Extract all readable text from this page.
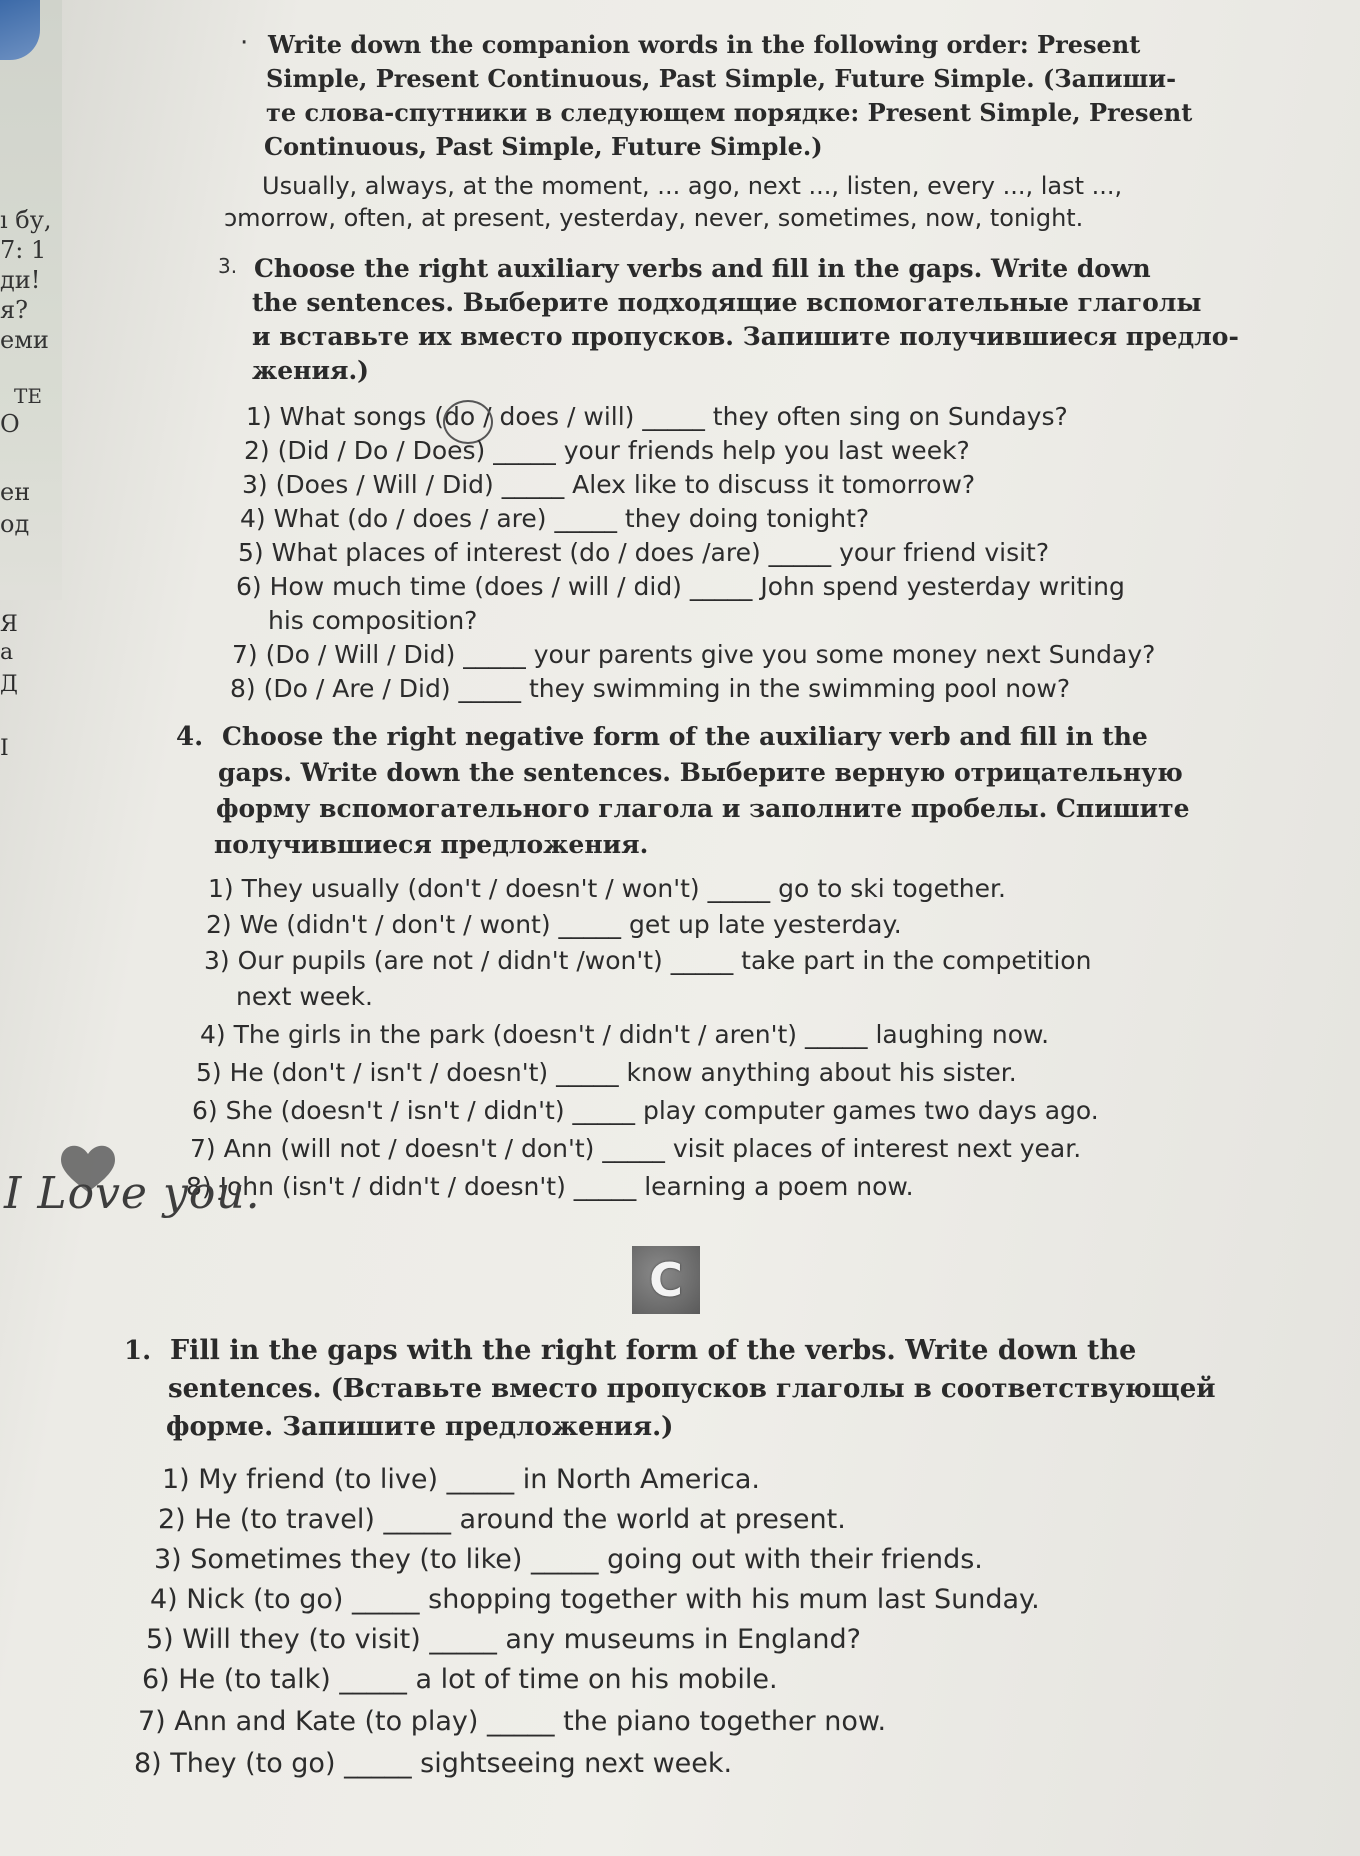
ı бу,
7: 1
ди!
я?
еми
ТЕ
О
ен
од
Я
а
Д
I
· Write down the companion words in the following order: Present
Simple, Present Continuous, Past Simple, Future Simple. (Запиши-
те слова-спутники в следующем порядке: Present Simple, Present
Continuous, Past Simple, Future Simple.)
Usually, always, at the moment, ... ago, next ..., listen, every ..., last ...,
ɔmorrow, often, at present, yesterday, never, sometimes, now, tonight.
3. Choose the right auxiliary verbs and fill in the gaps. Write down
the sentences. Выберите подходящие вспомогательные глаголы
и вставьте их вместо пропусков. Запишите получившиеся предло-
жения.)
1) What songs (do / does / will) _____ they often sing on Sundays?
2) (Did / Do / Does) _____ your friends help you last week?
3) (Does / Will / Did) _____ Alex like to discuss it tomorrow?
4) What (do / does / are) _____ they doing tonight?
5) What places of interest (do / does /are) _____ your friend visit?
6) How much time (does / will / did) _____ John spend yesterday writing
his composition?
7) (Do / Will / Did) _____ your parents give you some money next Sunday?
8) (Do / Are / Did) _____ they swimming in the swimming pool now?
4. Choose the right negative form of the auxiliary verb and fill in the
gaps. Write down the sentences. Выберите верную отрицательную
форму вспомогательного глагола и заполните пробелы. Спишите
получившиеся предложения.
1) They usually (don't / doesn't / won't) _____ go to ski together.
2) We (didn't / don't / wont) _____ get up late yesterday.
3) Our pupils (are not / didn't /won't) _____ take part in the competition
next week.
4) The girls in the park (doesn't / didn't / aren't) _____ laughing now.
5) He (don't / isn't / doesn't) _____ know anything about his sister.
6) She (doesn't / isn't / didn't) _____ play computer games two days ago.
7) Ann (will not / doesn't / don't) _____ visit places of interest next year.
8) John (isn't / didn't / doesn't) _____ learning a poem now.
I Love you.
C
1. Fill in the gaps with the right form of the verbs. Write down the
sentences. (Вставьте вместо пропусков глаголы в соответствующей
форме. Запишите предложения.)
1) My friend (to live) _____ in North America.
2) He (to travel) _____ around the world at present.
3) Sometimes they (to like) _____ going out with their friends.
4) Nick (to go) _____ shopping together with his mum last Sunday.
5) Will they (to visit) _____ any museums in England?
6) He (to talk) _____ a lot of time on his mobile.
7) Ann and Kate (to play) _____ the piano together now.
8) They (to go) _____ sightseeing next week.
